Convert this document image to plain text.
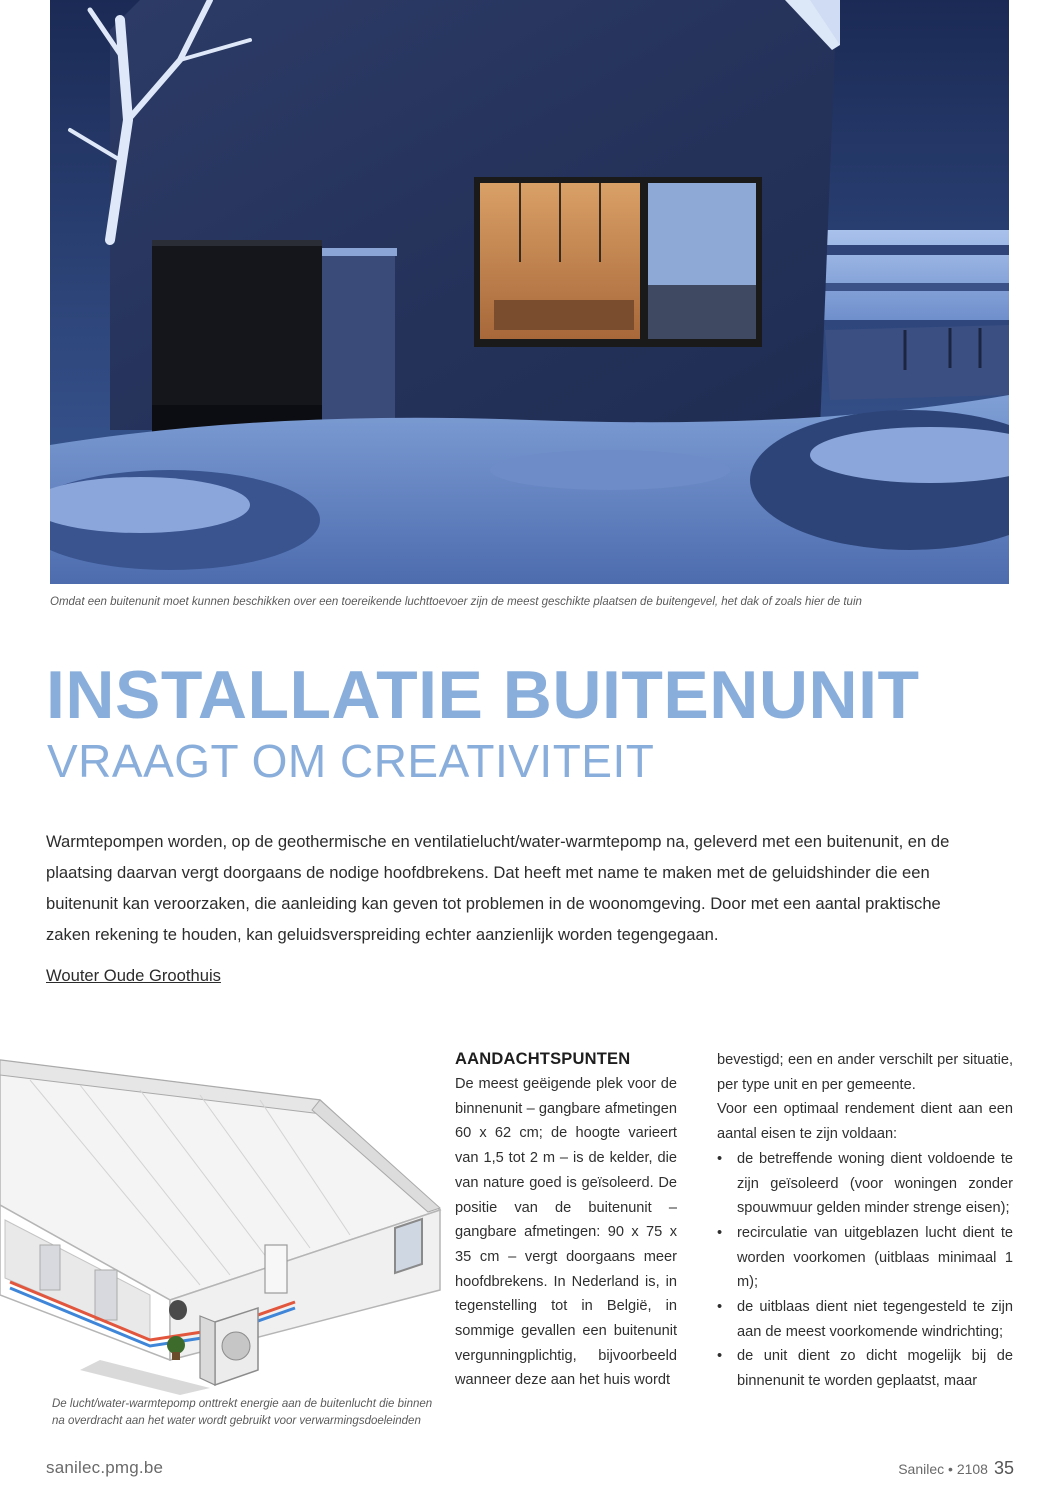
Omdat een buitenunit moet kunnen beschikken over een toereikende luchttoevoer zijn de meest geschikte plaatsen de buitengevel, het dak of zoals hier de tuin
INSTALLATIE BUITENUNIT
VRAAGT OM CREATIVITEIT

Warmtepompen worden, op de geothermische en ventilatielucht/water-warmtepomp na, geleverd met een buitenunit, en de plaatsing daarvan vergt doorgaans de nodige hoofdbrekens. Dat heeft met name te maken met de geluidshinder die een buitenunit kan veroorzaken, die aanleiding kan geven tot problemen in de woonomgeving. Door met een aantal praktische zaken rekening te houden, kan geluidsverspreiding echter aanzienlijk worden tegengegaan.

Wouter Oude Groothuis
De lucht/water-warmtepomp onttrekt energie aan de buitenlucht die binnen na overdracht aan het water wordt gebruikt voor verwarmingsdoeleinden
AANDACHTSPUNTEN

De meest geëigende plek voor de binnenunit – gangbare afmetingen 60 x 62 cm; de hoogte varieert van 1,5 tot 2 m – is de kelder, die van nature goed is geïsoleerd. De positie van de buitenunit – gangbare afmetingen: 90 x 75 x 35 cm – vergt doorgaans meer hoofdbrekens. In Nederland is, in tegenstelling tot in België, in sommige gevallen een buitenunit vergunningplichtig, bijvoorbeeld wanneer deze aan het huis wordt

bevestigd; een en ander verschilt per situatie, per type unit en per gemeente.

Voor een optimaal rendement dient aan een aantal eisen te zijn voldaan:

• de betreffende woning dient voldoende te zijn geïsoleerd (voor woningen zonder spouwmuur gelden minder strenge eisen);
• recirculatie van uitgeblazen lucht dient te worden voorkomen (uitblaas minimaal 1 m);
• de uitblaas dient niet tegengesteld te zijn aan de meest voorkomende windrichting;
• de unit dient zo dicht mogelijk bij de binnenunit te worden geplaatst, maar
sanilec.pmg.be	Sanilec • 2108 35
